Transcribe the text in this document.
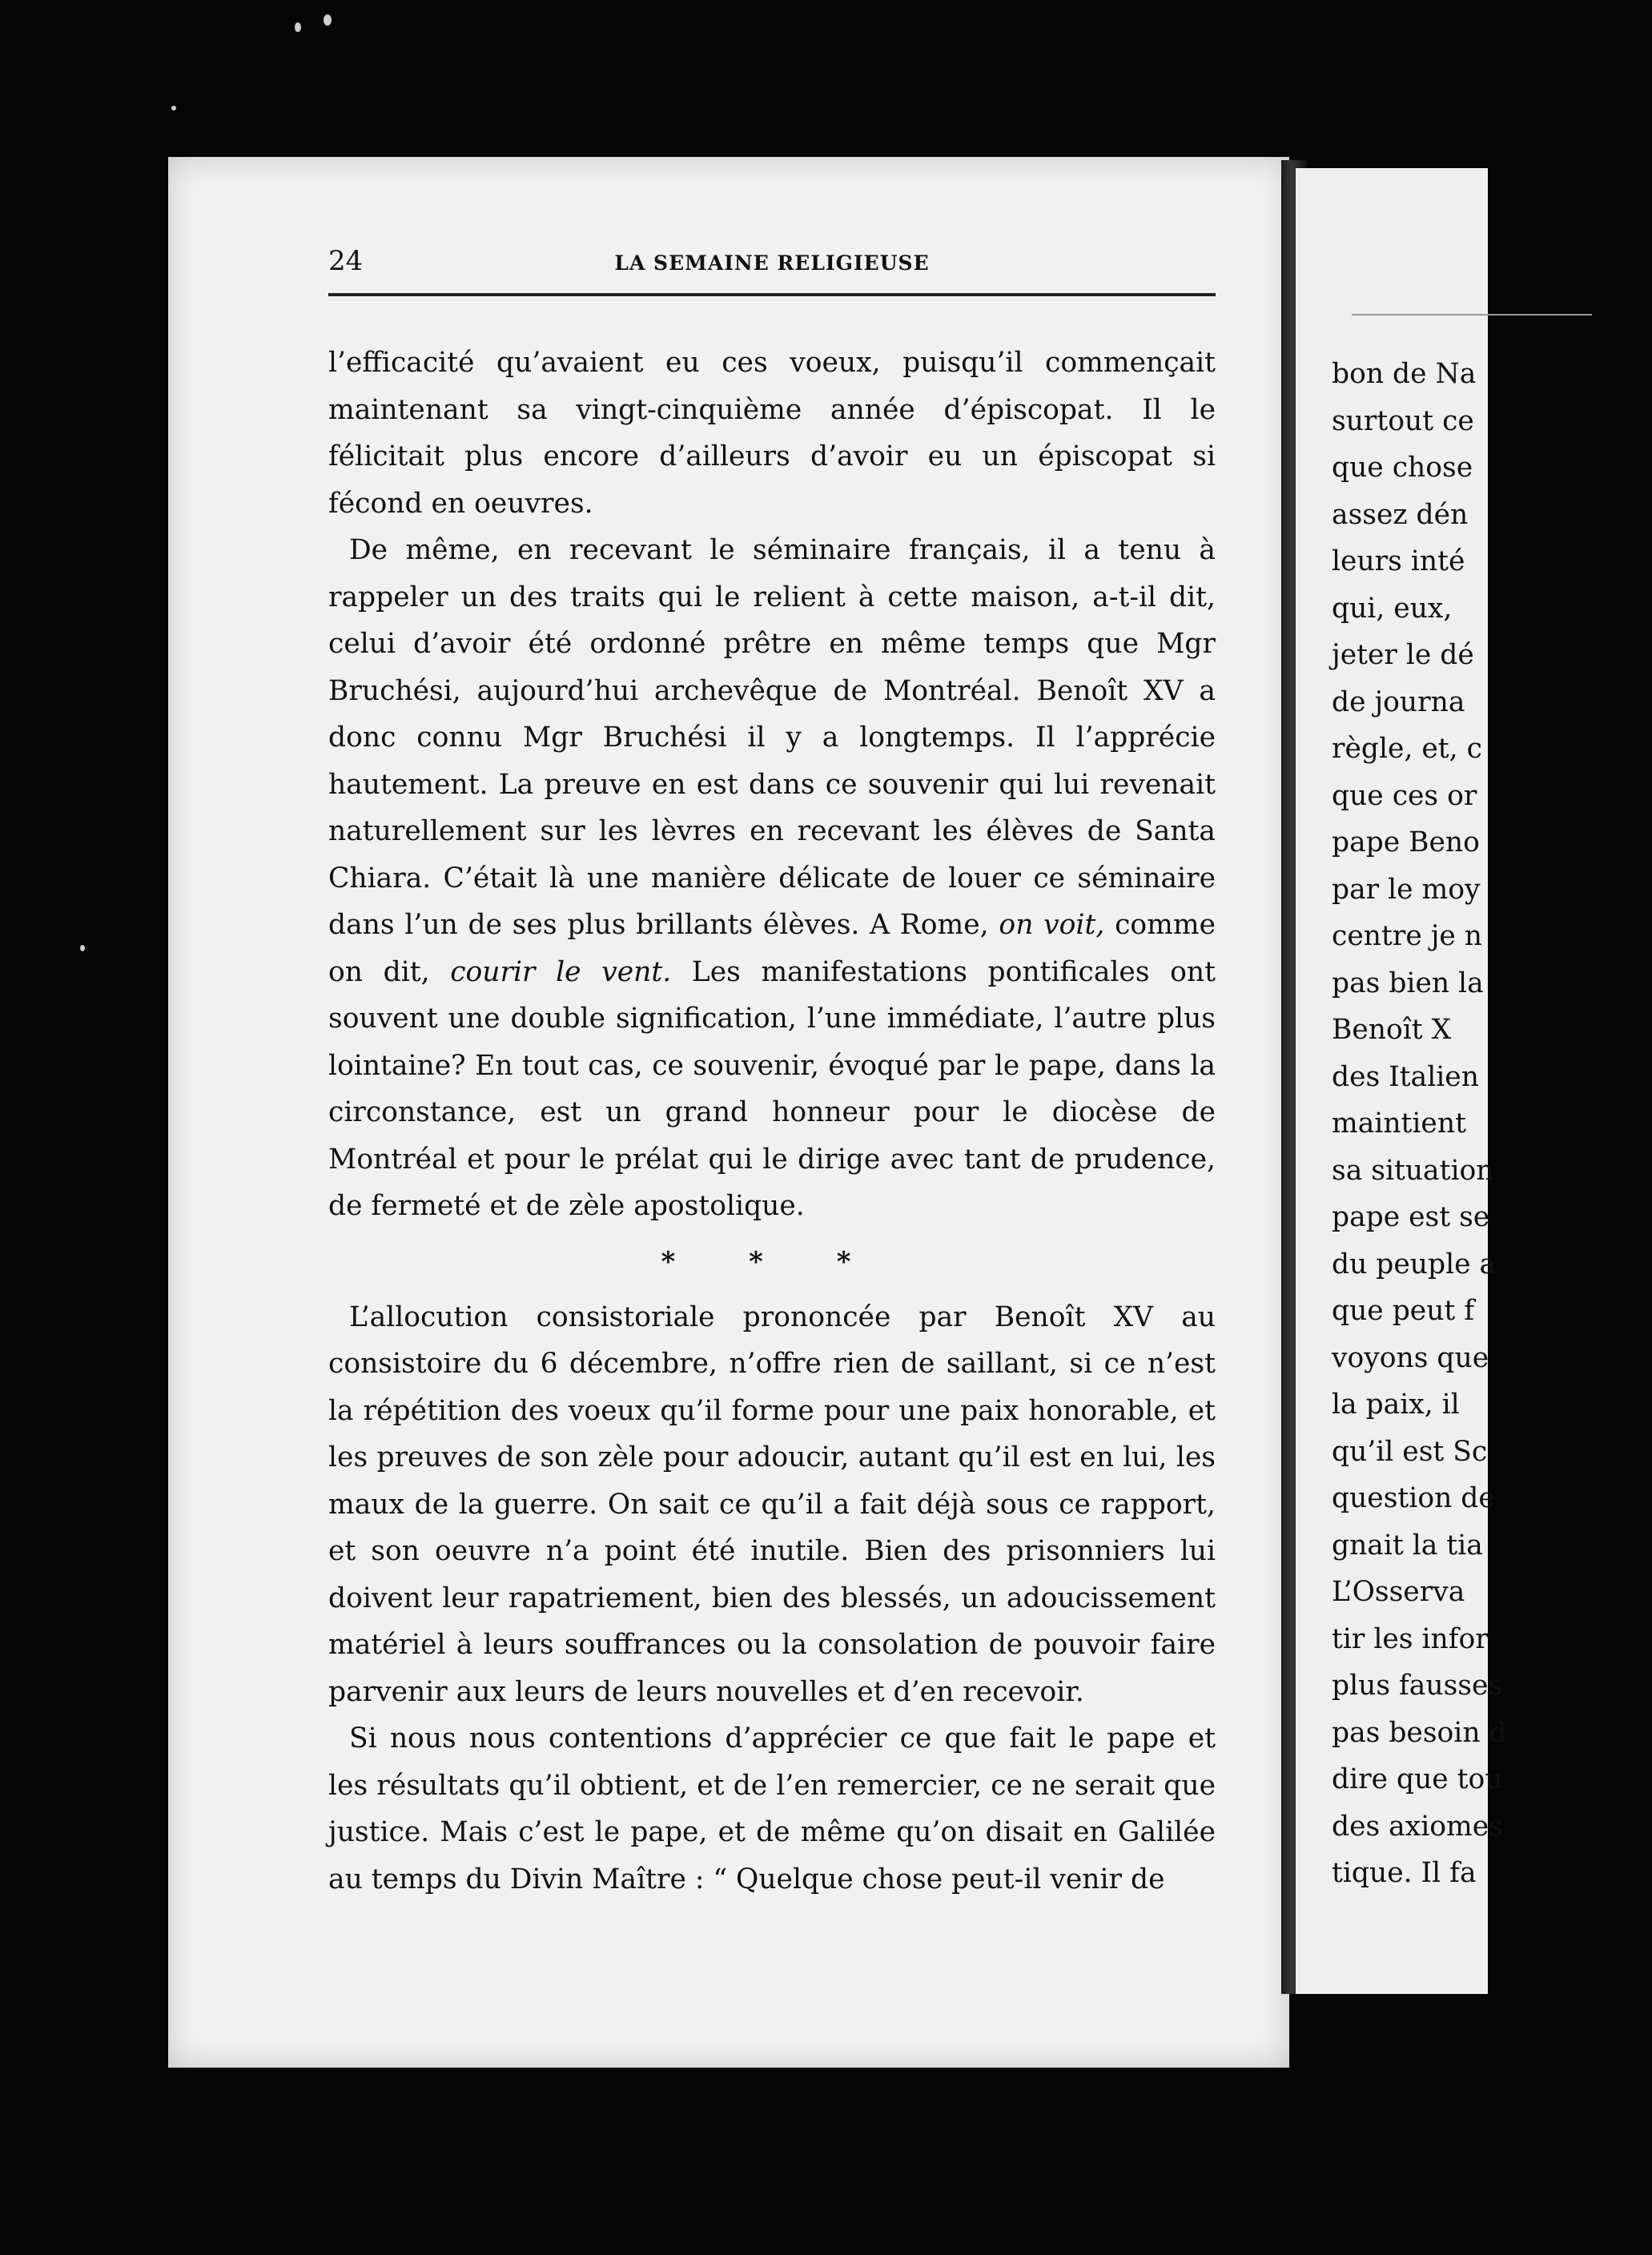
24	LA SEMAINE RELIGIEUSE

l’efficacité qu’avaient eu ces voeux, puisqu’il commençait maintenant sa vingt-cinquième année d’épiscopat. Il le félicitait plus encore d’ailleurs d’avoir eu un épiscopat si fécond en oeuvres.

De même, en recevant le séminaire français, il a tenu à rappeler un des traits qui le relient à cette maison, a-t-il dit, celui d’avoir été ordonné prêtre en même temps que Mgr Bruchési, aujourd’hui archevêque de Montréal. Benoît XV a donc connu Mgr Bruchési il y a longtemps. Il l’apprécie hautement. La preuve en est dans ce souvenir qui lui revenait naturellement sur les lèvres en recevant les élèves de Santa Chiara. C’était là une manière délicate de louer ce séminaire dans l’un de ses plus brillants élèves. A Rome, on voit, comme on dit, courir le vent. Les manifestations pontificales ont souvent une double signification, l’une immédiate, l’autre plus lointaine? En tout cas, ce souvenir, évoqué par le pape, dans la circonstance, est un grand honneur pour le diocèse de Montréal et pour le prélat qui le dirige avec tant de prudence, de fermeté et de zèle apostolique.

* * *

L’allocution consistoriale prononcée par Benoît XV au consistoire du 6 décembre, n’offre rien de saillant, si ce n’est la répétition des voeux qu’il forme pour une paix honorable, et les preuves de son zèle pour adoucir, autant qu’il est en lui, les maux de la guerre. On sait ce qu’il a fait déjà sous ce rapport, et son oeuvre n’a point été inutile. Bien des prisonniers lui doivent leur rapatriement, bien des blessés, un adoucissement matériel à leurs souffrances ou la consolation de pouvoir faire parvenir aux leurs de leurs nouvelles et d’en recevoir.

Si nous nous contentions d’apprécier ce que fait le pape et les résultats qu’il obtient, et de l’en remercier, ce ne serait que justice. Mais c’est le pape, et de même qu’on disait en Galilée au temps du Divin Maître : “ Quelque chose peut-il venir de

bon de Na
surtout ce
que chose
assez dén
leurs inté
qui, eux,
jeter le dé
de journa
règle, et, c
que ces or
pape Beno
par le moy
centre je n
pas bien la
Benoît X
des Italien
maintient
sa situation
pape est se
du peuple a
que peut f
voyons que
la paix, il
qu’il est Sc
question de
gnait la tia
L’Osserva
tir les infor
plus fausses
pas besoin d
dire que tou
des axiomes
tique. Il fa
